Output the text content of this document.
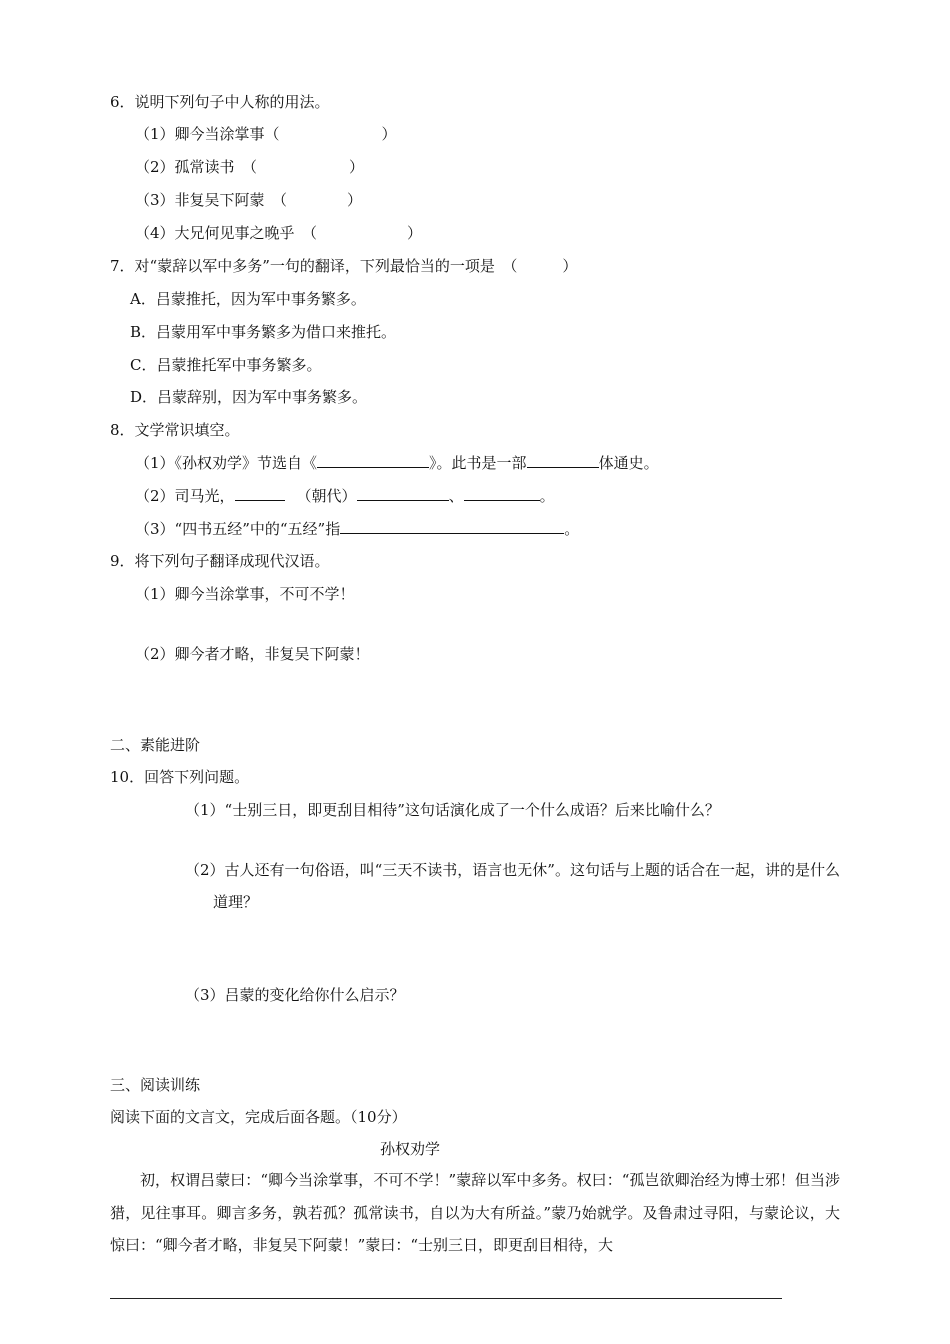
6．说明下列句子中人称的用法。
（1）卿今当涂掌事（	）
（2）孤常读书　（	）
（3）非复吴下阿蒙　（	）
（4）大兄何见事之晚乎　（	）
7．对“蒙辞以军中多务”一句的翻译，下列最恰当的一项是　（　　　）
A．吕蒙推托，因为军中事务繁多。
B．吕蒙用军中事务繁多为借口来推托。
C．吕蒙推托军中事务繁多。
D．吕蒙辞别，因为军中事务繁多。
8．文学常识填空。
（1）《孙权劝学》节选自《	》。此书是一部	体通史。
（2）司马光，	（朝代）	、	。
（3）“四书五经”中的“五经”指	。
9．将下列句子翻译成现代汉语。
（1）卿今当涂掌事，不可不学！
（2）卿今者才略，非复吴下阿蒙！
二、素能进阶
10．回答下列问题。
（1）“士别三日，即更刮目相待”这句话演化成了一个什么成语？后来比喻什么？
（2）古人还有一句俗语，叫“三天不读书，语言也无休”。这句话与上题的话合在一起，讲的是什么道理？
（3）吕蒙的变化给你什么启示？
三、阅读训练
阅读下面的文言文，完成后面各题。（10分）
孙权劝学
初，权谓吕蒙曰：“卿今当涂掌事，不可不学！”蒙辞以军中多务。权曰：“孤岂欲卿治经为博士邪！但当涉猎，见往事耳。卿言多务，孰若孤？孤常读书，自以为大有所益。”蒙乃始就学。及鲁肃过寻阳，与蒙论议，大惊曰：“卿今者才略，非复吴下阿蒙！”蒙曰：“士别三日，即更刮目相待，大
